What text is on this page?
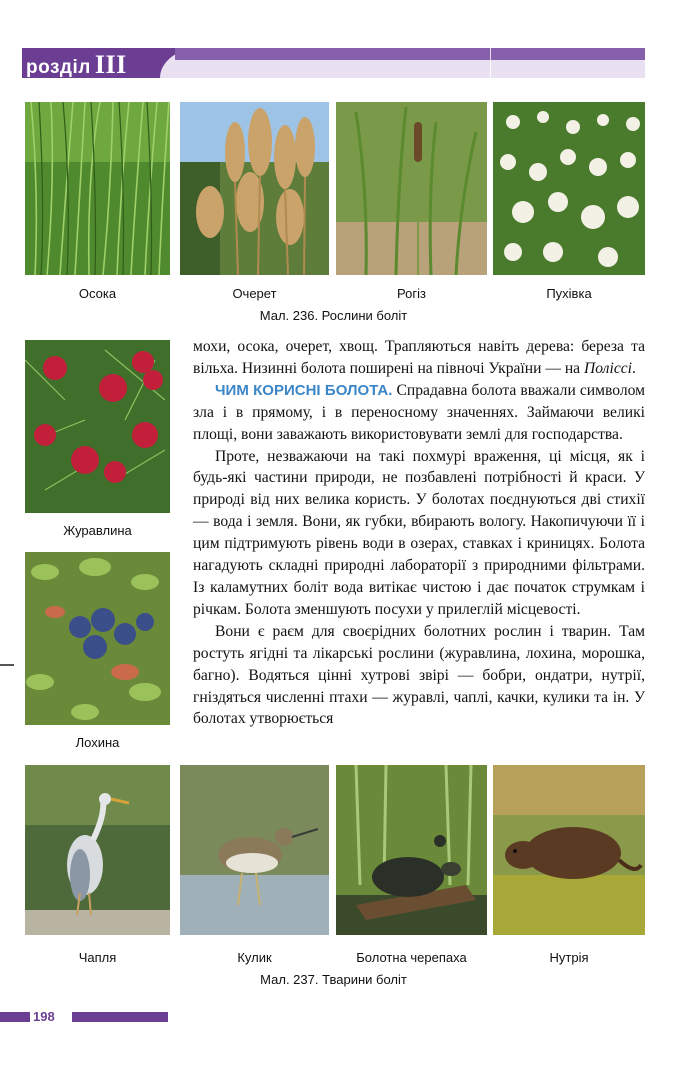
розділ III
Осока	Очерет	Рогіз	Пухівка
Мал. 236. Рослини боліт
Журавлина
Лохина

мохи, осока, очерет, хвощ. Трапляються навіть дерева: береза та вільха. Низинні болота поширені на півночі України — на Поліссі.

ЧИМ КОРИСНІ БОЛОТА. Спрадавна болота вважали символом зла і в прямому, і в переносному значеннях. Займаючи великі площі, вони заважають використовувати землі для господарства.

Проте, незважаючи на такі похмурі враження, ці місця, як і будь-які частини природи, не позбавлені потрібності й краси. У природі від них велика користь. У болотах поєднуються дві стихії — вода і земля. Вони, як губки, вбирають вологу. Накопичуючи її і цим підтримують рівень води в озерах, ставках і криницях. Болота нагадують складні природні лабораторії з природними фільтрами. Із каламутних боліт вода витікає чистою і дає початок струмкам і річкам. Болота зменшують посухи у прилеглій місцевості.

Вони є раєм для своєрідних болотних рослин і тварин. Там ростуть ягідні та лікарські рослини (журавлина, лохина, морошка, багно). Водяться цінні хутрові звірі — бобри, ондатри, нутрії, гніздяться численні птахи — журавлі, чаплі, качки, кулики та ін. У болотах утворюється

Чапля	Кулик	Болотна черепаха	Нутрія
Мал. 237. Тварини боліт
198
